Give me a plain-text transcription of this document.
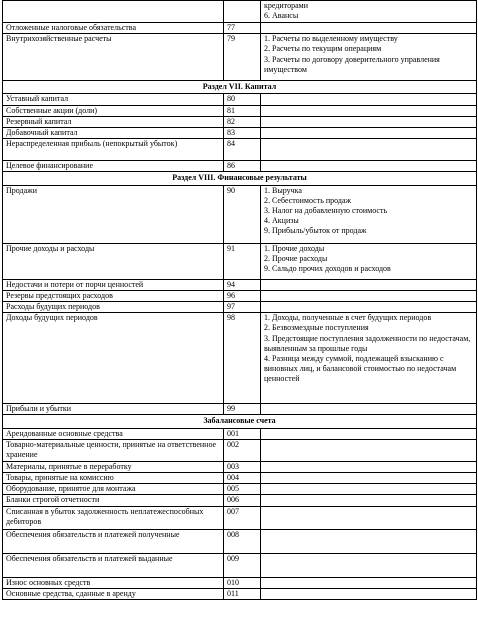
		кредиторами
6. Авансы

Отложенные налоговые обязательства	77	
Внутрихозяйственные расчеты	79	1. Расчеты по выделенному имуществу
2. Расчеты по текущим операциям
3. Расчеты по договору доверительного управления имуществом

Раздел VII. Капитал		
Уставный капитал	80	
Собственные акции (доли)	81	
Резервный капитал	82	
Добавочный капитал	83	
Нераспределенная прибыль (непокрытый убыток)	84	
Целевое финансирование	86	
Раздел VIII. Финансовые результаты		
Продажи	90	1. Выручка
2. Себестоимость продаж
3. Налог на добавленную стоимость
4. Акцизы
9. Прибыль/убыток от продаж

Прочие доходы и расходы	91	1. Прочие доходы
2. Прочие расходы
9. Сальдо прочих доходов и расходов

Недостачи и потери от порчи ценностей	94	
Резервы предстоящих расходов	96	
Расходы будущих периодов	97	
Доходы будущих периодов	98	1. Доходы, полученные в счет будущих периодов
2. Безвозмездные поступления
3. Предстоящие поступления задолженности по недостачам, выявленным за прошлые годы
4. Разница между суммой, подлежащей взысканию с виновных лиц, и балансовой стоимостью по недостачам ценностей

Прибыли и убытки	99	
Забалансовые счета		
Арендованные основные средства	001	
Товарно-материальные ценности, принятые на ответственное хранение	002	
Материалы, принятые в переработку	003	
Товары, принятые на комиссию	004	
Оборудование, принятое для монтажа	005	
Бланки строгой отчетности	006	
Списанная в убыток задолженность неплатежеспособных дебиторов	007	
Обеспечения обязательств и платежей полученные	008	
Обеспечения обязательств и платежей выданные	009	
Износ основных средств	010	
Основные средства, сданные в аренду	011	
